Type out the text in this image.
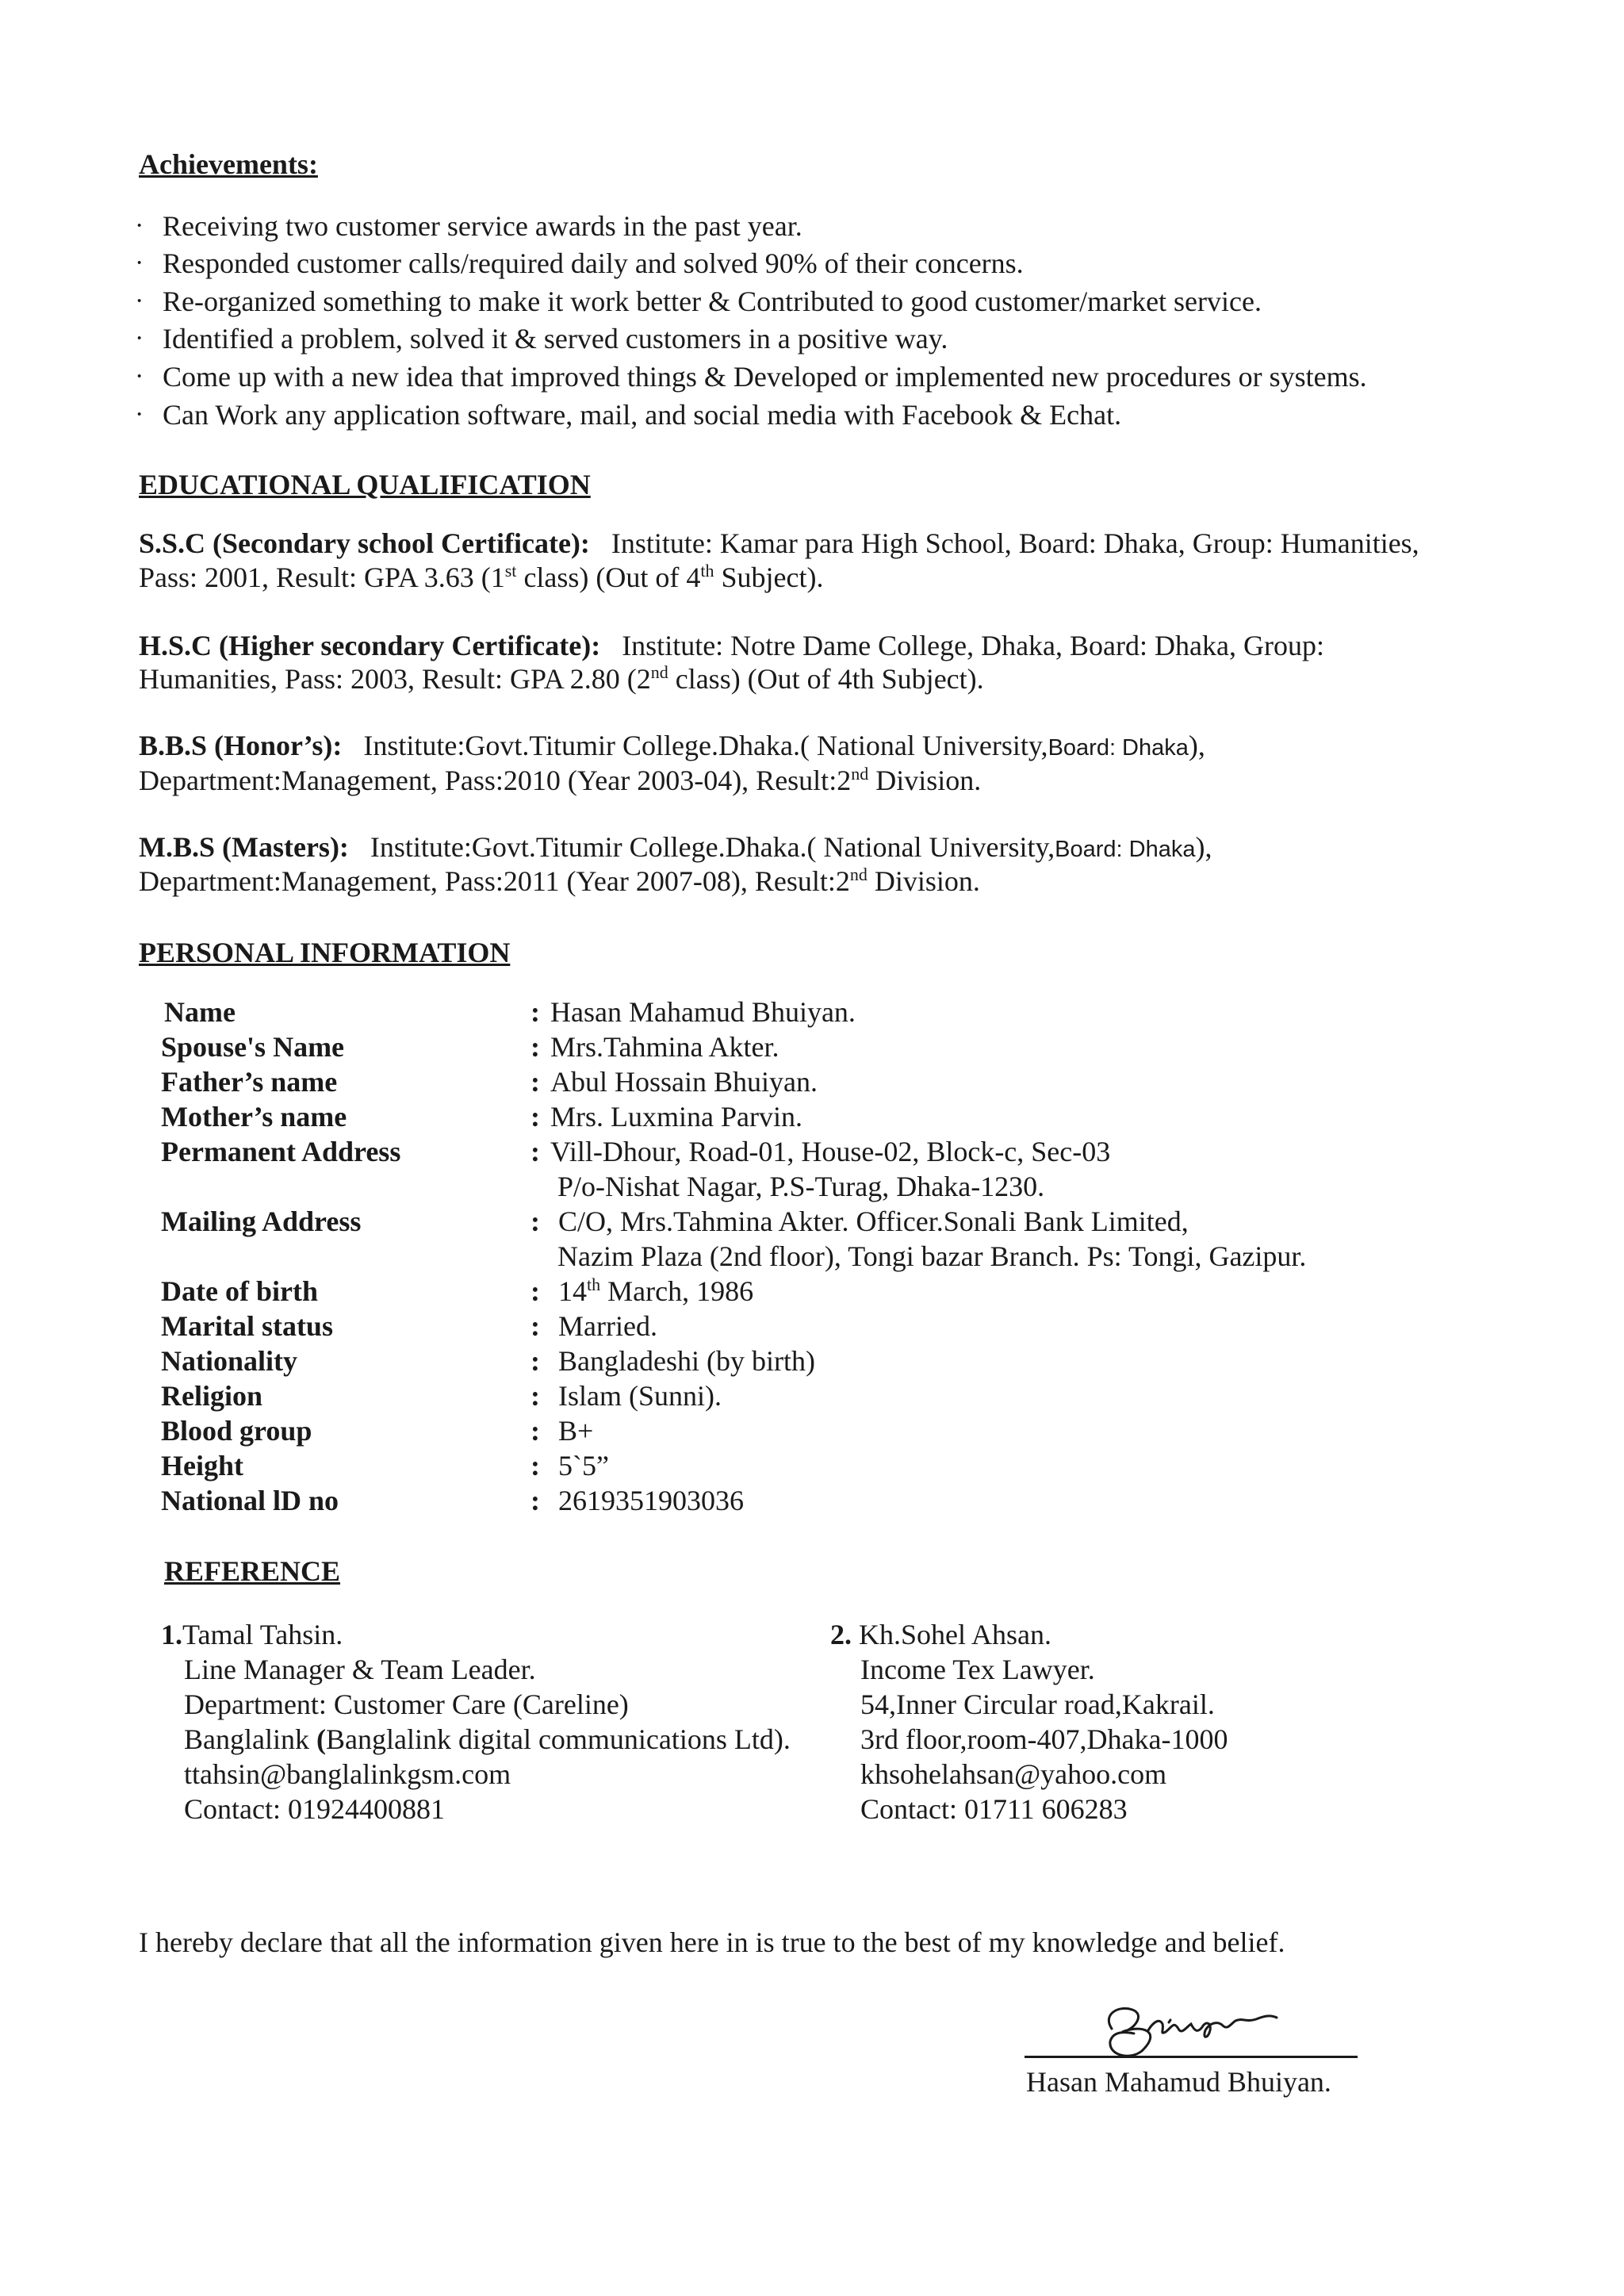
Achievements:
· Receiving two customer service awards in the past year.
· Responded customer calls/required daily and solved 90% of their concerns.
· Re-organized something to make it work better & Contributed to good customer/market service.
· Identified a problem, solved it & served customers in a positive way.
· Come up with a new idea that improved things & Developed or implemented new procedures or systems.
· Can Work any application software, mail, and social media with Facebook & Echat.
EDUCATIONAL QUALIFICATION
S.S.C (Secondary school Certificate): Institute: Kamar para High School, Board: Dhaka, Group: Humanities,
Pass: 2001, Result: GPA 3.63 (1st class) (Out of 4th Subject).
H.S.C (Higher secondary Certificate): Institute: Notre Dame College, Dhaka, Board: Dhaka, Group:
Humanities, Pass: 2003, Result: GPA 2.80 (2nd class) (Out of 4th Subject).
B.B.S (Honor’s): Institute:Govt.Titumir College.Dhaka.( National University,Board: Dhaka),
Department:Management, Pass:2010 (Year 2003-04), Result:2nd Division.
M.B.S (Masters): Institute:Govt.Titumir College.Dhaka.( National University,Board: Dhaka),
Department:Management, Pass:2011 (Year 2007-08), Result:2nd Division.
PERSONAL INFORMATION
Name	: Hasan Mahamud Bhuiyan.
Spouse's Name	: Mrs.Tahmina Akter.
Father’s name	: Abul Hossain Bhuiyan.
Mother’s name	: Mrs. Luxmina Parvin.
Permanent Address	: Vill-Dhour, Road-01, House-02, Block-c, Sec-03
P/o-Nishat Nagar, P.S-Turag, Dhaka-1230.
Mailing Address	: C/O, Mrs.Tahmina Akter. Officer.Sonali Bank Limited,
Nazim Plaza (2nd floor), Tongi bazar Branch. Ps: Tongi, Gazipur.
Date of birth	: 14th March, 1986
Marital status	: Married.
Nationality	: Bangladeshi (by birth)
Religion	: Islam (Sunni).
Blood group	: B+
Height	: 5`5”
National lD no	: 2619351903036
REFERENCE
1.Tamal Tahsin.
Line Manager & Team Leader.
Department: Customer Care (Careline)
Banglalink (Banglalink digital communications Ltd).
ttahsin@banglalinkgsm.com
Contact: 01924400881
2. Kh.Sohel Ahsan.
Income Tex Lawyer.
54,Inner Circular road,Kakrail.
3rd floor,room-407,Dhaka-1000
khsohelahsan@yahoo.com
Contact: 01711 606283
I hereby declare that all the information given here in is true to the best of my knowledge and belief.
Hasan Mahamud Bhuiyan.
